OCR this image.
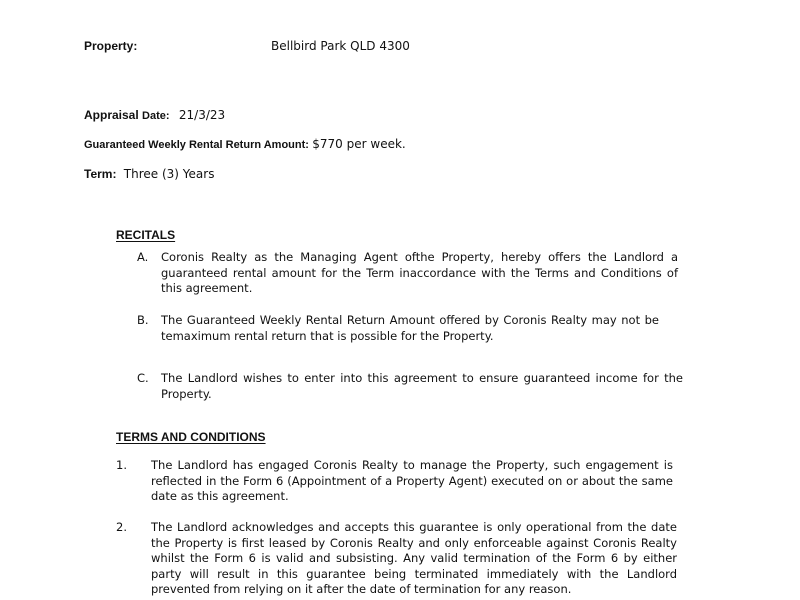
Property:	Bellbird Park QLD 4300
Appraisal Date: 21/3/23
Guaranteed Weekly Rental Return Amount: $770 per week.
Term: Three (3) Years
RECITALS
A. Coronis Realty as the Managing Agent ofthe Property, hereby offers the Landlord a guaranteed rental amount for the Term inaccordance with the Terms and Conditions of this agreement.
B. The Guaranteed Weekly Rental Return Amount offered by Coronis Realty may not be temaximum rental return that is possible for the Property.
C. The Landlord wishes to enter into this agreement to ensure guaranteed income for the Property.
TERMS AND CONDITIONS
1. The Landlord has engaged Coronis Realty to manage the Property, such engagement is reflected in the Form 6 (Appointment of a Property Agent) executed on or about the same date as this agreement.
2. The Landlord acknowledges and accepts this guarantee is only operational from the date the Property is first leased by Coronis Realty and only enforceable against Coronis Realty whilst the Form 6 is valid and subsisting. Any valid termination of the Form 6 by either party will result in this guarantee being terminated immediately with the Landlord prevented from relying on it after the date of termination for any reason.
